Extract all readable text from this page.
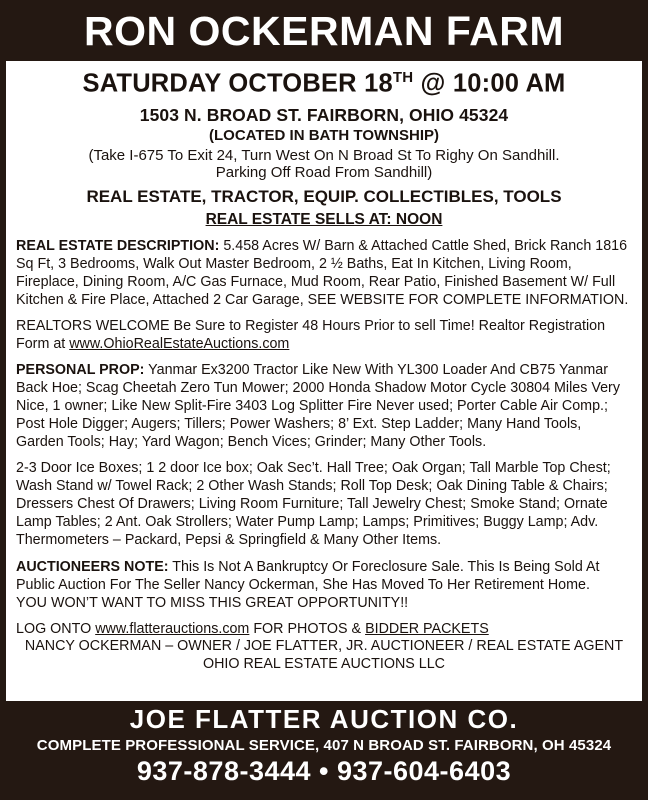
RON OCKERMAN FARM
SATURDAY OCTOBER 18TH @ 10:00 AM
1503 N. BROAD ST. FAIRBORN, OHIO 45324
(LOCATED IN BATH TOWNSHIP)
(Take I-675 To Exit 24, Turn West On N Broad St To Righy On Sandhill.
Parking Off Road From Sandhill)
REAL ESTATE, TRACTOR, EQUIP. COLLECTIBLES, TOOLS
REAL ESTATE SELLS AT: NOON
REAL ESTATE DESCRIPTION: 5.458 Acres W/ Barn & Attached Cattle Shed, Brick Ranch 1816 Sq Ft, 3 Bedrooms, Walk Out Master Bedroom, 2 ½ Baths, Eat In Kitchen, Living Room, Fireplace, Dining Room, A/C Gas Furnace, Mud Room, Rear Patio, Finished Basement W/ Full Kitchen & Fire Place, Attached 2 Car Garage, SEE WEBSITE FOR COMPLETE INFORMATION.
REALTORS WELCOME Be Sure to Register 48 Hours Prior to sell Time! Realtor Registration Form at www.OhioRealEstateAuctions.com
PERSONAL PROP: Yanmar Ex3200 Tractor Like New With YL300 Loader And CB75 Yanmar Back Hoe; Scag Cheetah Zero Tun Mower; 2000 Honda Shadow Motor Cycle 30804 Miles Very Nice, 1 owner; Like New Split-Fire 3403 Log Splitter Fire Never used; Porter Cable Air Comp.; Post Hole Digger; Augers; Tillers; Power Washers; 8’ Ext. Step Ladder; Many Hand Tools, Garden Tools; Hay; Yard Wagon; Bench Vices; Grinder; Many Other Tools.
2-3 Door Ice Boxes; 1 2 door Ice box; Oak Sec’t. Hall Tree; Oak Organ; Tall Marble Top Chest; Wash Stand w/ Towel Rack; 2 Other Wash Stands; Roll Top Desk; Oak Dining Table & Chairs; Dressers Chest Of Drawers; Living Room Furniture; Tall Jewelry Chest; Smoke Stand; Ornate Lamp Tables; 2 Ant. Oak Strollers; Water Pump Lamp; Lamps; Primitives; Buggy Lamp; Adv. Thermometers – Packard, Pepsi & Springfield & Many Other Items.
AUCTIONEERS NOTE: This Is Not A Bankruptcy Or Foreclosure Sale. This Is Being Sold At Public Auction For The Seller Nancy Ockerman, She Has Moved To Her Retirement Home.
YOU WON’T WANT TO MISS THIS GREAT OPPORTUNITY!!
LOG ONTO www.flatterauctions.com FOR PHOTOS & BIDDER PACKETS
NANCY OCKERMAN – OWNER / JOE FLATTER, JR. AUCTIONEER / REAL ESTATE AGENT
OHIO REAL ESTATE AUCTIONS LLC
JOE FLATTER AUCTION CO.
COMPLETE PROFESSIONAL SERVICE, 407 N BROAD ST. FAIRBORN, OH 45324
937-878-3444 • 937-604-6403
